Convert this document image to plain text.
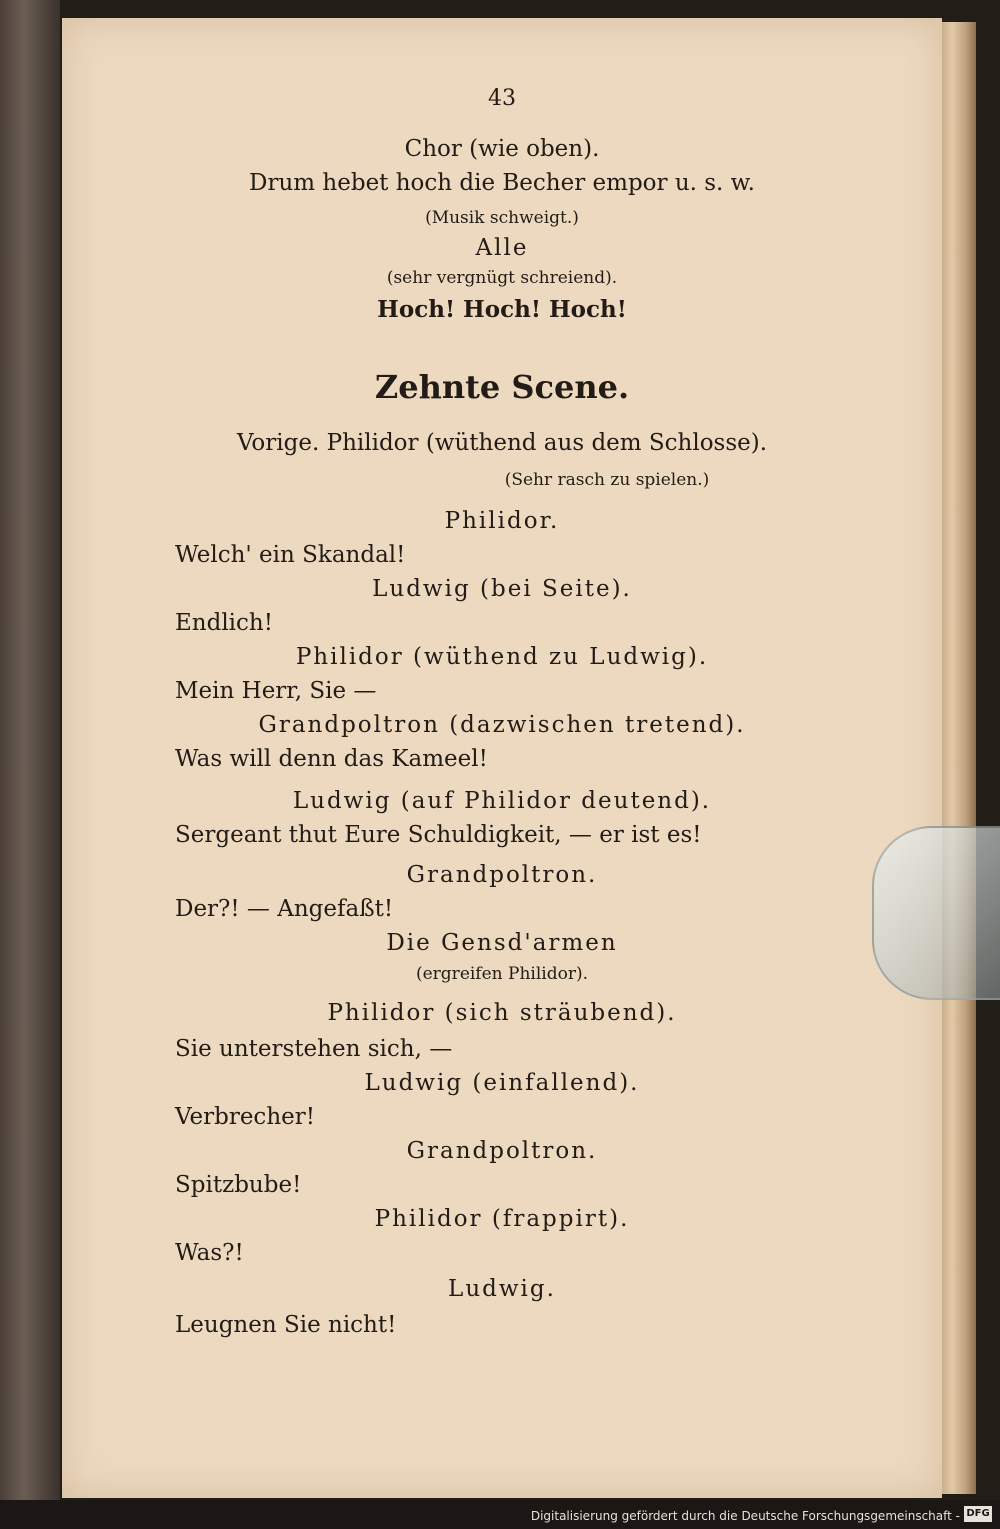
43
Chor (wie oben).
Drum hebet hoch die Becher empor u. s. w.
(Musik schweigt.)
Alle
(sehr vergnügt schreiend).
Hoch! Hoch! Hoch!
Zehnte Scene.
Vorige. Philidor (wüthend aus dem Schlosse).
(Sehr rasch zu spielen.)
Philidor.
Welch' ein Skandal!
Ludwig (bei Seite).
Endlich!
Philidor (wüthend zu Ludwig).
Mein Herr, Sie —
Grandpoltron (dazwischen tretend).
Was will denn das Kameel!
Ludwig (auf Philidor deutend).
Sergeant thut Eure Schuldigkeit, — er ist es!
Grandpoltron.
Der?! — Angefaßt!
Die Gensd'armen
(ergreifen Philidor).
Philidor (sich sträubend).
Sie unterstehen sich, —
Ludwig (einfallend).
Verbrecher!
Grandpoltron.
Spitzbube!
Philidor (frappirt).
Was?!
Ludwig.
Leugnen Sie nicht!
Digitalisierung gefördert durch die Deutsche Forschungsgemeinschaft - DFG
